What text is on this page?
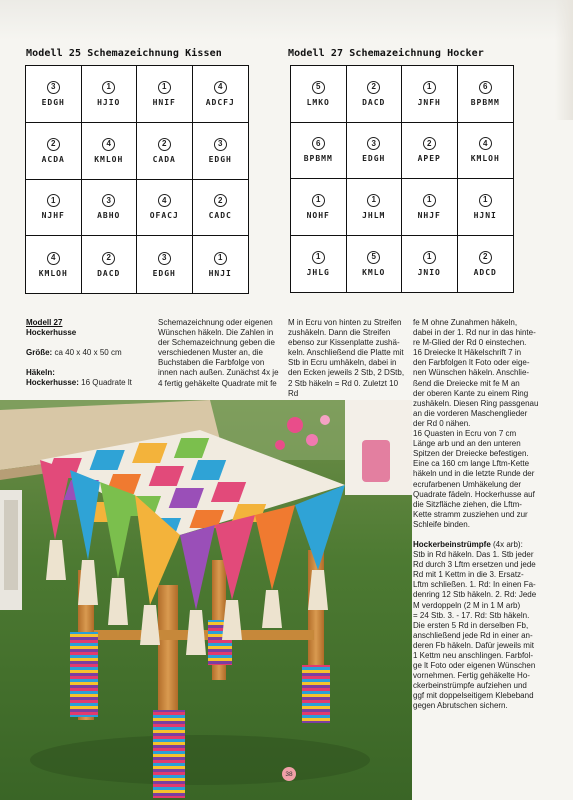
Modell 25 Schemazeichnung Kissen
3
EDGH
1
HJIO
1
HNIF
4
ADCFJ
2
ACDA
4
KMLOH
2
CADA
3
EDGH
1
NJHF
3
ABHO
4
OFACJ
2
CADC
4
KMLOH
2
DACD
3
EDGH
1
HNJI
Modell 27 Schemazeichnung Hocker
5
LMKO
2
DACD
1
JNFH
6
BPBMM
6
BPBMM
3
EDGH
2
APEP
4
KMLOH
1
NOHF
1
JHLM
1
NHJF
1
HJNI
1
JHLG
5
KMLO
1
JNIO
2
ADCD

Modell 27

Hockerhusse

Größe: ca 40 x 40 x 50 cm

Häkeln:

Hockerhusse: 16 Quadrate lt

Schemazeichnung oder eigenen

Wünschen häkeln. Die Zahlen in

der Schemazeichnung geben die

verschiedenen Muster an, die

Buchstaben die Farbfolge von

innen nach außen. Zunächst 4x je

4 fertig gehäkelte Quadrate mit fe

M in Ecru von hinten zu Streifen

zushäkeln. Dann die Streifen

ebenso zur Kissenplatte zushä-

keln. Anschließend die Platte mit

Stb in Ecru umhäkeln, dabei in

den Ecken jeweils 2 Stb, 2 DStb,

2 Stb häkeln = Rd 0. Zuletzt 10 Rd

fe M ohne Zunahmen häkeln,

dabei in der 1. Rd nur in das hinte-

re M-Glied der Rd 0 einstechen.

16 Dreiecke lt Häkelschrift 7 in

den Farbfolgen lt Foto oder eige-

nen Wünschen häkeln. Anschlie-

ßend die Dreiecke mit fe M an

der oberen Kante zu einem Ring

zushäkeln. Diesen Ring passgenau

an die vorderen Maschenglieder

der Rd 0 nähen.

16 Quasten in Ecru von 7 cm

Länge arb und an den unteren

Spitzen der Dreiecke befestigen.

Eine ca 160 cm lange Lftm-Kette

häkeln und in die letzte Runde der

ecrufarbenen Umhäkelung der

Quadrate fädeln. Hockerhusse auf

die Sitzfläche ziehen, die Lftm-

Kette stramm zusziehen und zur

Schleife binden.

Hockerbeinstrümpfe (4x arb):

Stb in Rd häkeln. Das 1. Stb jeder

Rd durch 3 Lftm ersetzen und jede

Rd mit 1 Kettm in die 3. Ersatz-

Lftm schließen. 1. Rd: In einen Fa-

denring 12 Stb häkeln. 2. Rd: Jede

M verdoppeln (2 M in 1 M arb)

= 24 Stb. 3. - 17. Rd: Stb häkeln.

Die ersten 5 Rd in derselben Fb,

anschließend jede Rd in einer an-

deren Fb häkeln. Dafür jeweils mit

1 Kettm neu anschlingen. Farbfol-

ge lt Foto oder eigenen Wünschen

vornehmen. Fertig gehäkelte Ho-

ckerbeinstrümpfe aufziehen und

ggf mit doppelseitigem Klebeband

gegen Abrutschen sichern.

38
